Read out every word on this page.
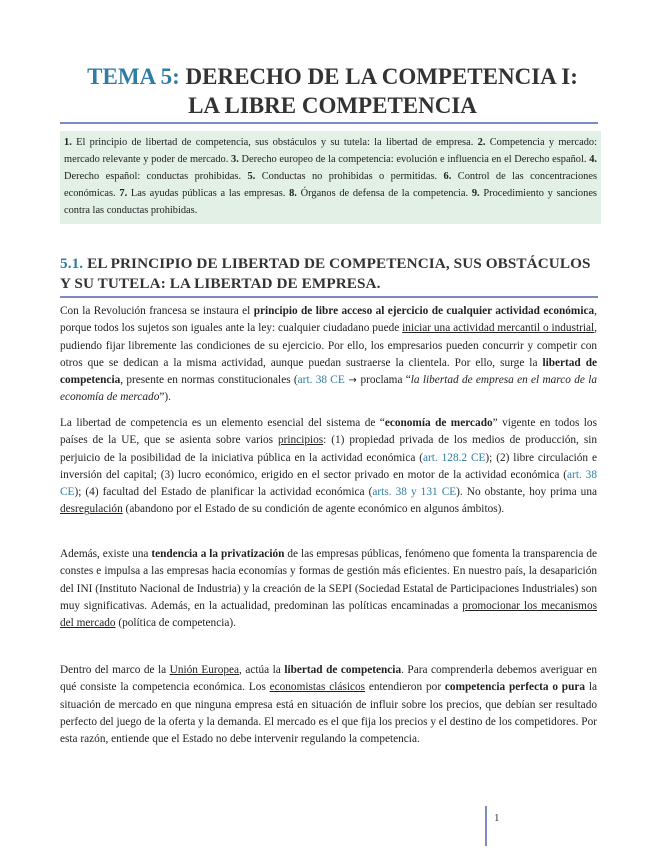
TEMA 5: DERECHO DE LA COMPETENCIA I:
LA LIBRE COMPETENCIA
1. El principio de libertad de competencia, sus obstáculos y su tutela: la libertad de empresa. 2. Competencia y mercado: mercado relevante y poder de mercado. 3. Derecho europeo de la competencia: evolución e influencia en el Derecho español. 4. Derecho español: conductas prohibidas. 5. Conductas no prohibidas o permitidas. 6. Control de las concentraciones económicas. 7. Las ayudas públicas a las empresas. 8. Órganos de defensa de la competencia. 9. Procedimiento y sanciones contra las conductas prohibidas.
5.1. EL PRINCIPIO DE LIBERTAD DE COMPETENCIA, SUS OBSTÁCULOS Y SU TUTELA: LA LIBERTAD DE EMPRESA.
Con la Revolución francesa se instaura el principio de libre acceso al ejercicio de cualquier actividad económica, porque todos los sujetos son iguales ante la ley: cualquier ciudadano puede iniciar una actividad mercantil o industrial, pudiendo fijar libremente las condiciones de su ejercicio. Por ello, los empresarios pueden concurrir y competir con otros que se dedican a la misma actividad, aunque puedan sustraerse la clientela. Por ello, surge la libertad de competencia, presente en normas constitucionales (art. 38 CE → proclama “la libertad de empresa en el marco de la economía de mercado”).
La libertad de competencia es un elemento esencial del sistema de “economía de mercado” vigente en todos los países de la UE, que se asienta sobre varios principios: (1) propiedad privada de los medios de producción, sin perjuicio de la posibilidad de la iniciativa pública en la actividad económica (art. 128.2 CE); (2) libre circulación e inversión del capital; (3) lucro económico, erigido en el sector privado en motor de la actividad económica (art. 38 CE); (4) facultad del Estado de planificar la actividad económica (arts. 38 y 131 CE). No obstante, hoy prima una desregulación (abandono por el Estado de su condición de agente económico en algunos ámbitos).
Además, existe una tendencia a la privatización de las empresas públicas, fenómeno que fomenta la transparencia de constes e impulsa a las empresas hacia economías y formas de gestión más eficientes. En nuestro país, la desaparición del INI (Instituto Nacional de Industria) y la creación de la SEPI (Sociedad Estatal de Participaciones Industriales) son muy significativas. Además, en la actualidad, predominan las políticas encaminadas a promocionar los mecanismos del mercado (política de competencia).
Dentro del marco de la Unión Europea, actúa la libertad de competencia. Para comprenderla debemos averiguar en qué consiste la competencia económica. Los economistas clásicos entendieron por competencia perfecta o pura la situación de mercado en que ninguna empresa está en situación de influir sobre los precios, que debían ser resultado perfecto del juego de la oferta y la demanda. El mercado es el que fija los precios y el destino de los competidores. Por esta razón, entiende que el Estado no debe intervenir regulando la competencia.
1
